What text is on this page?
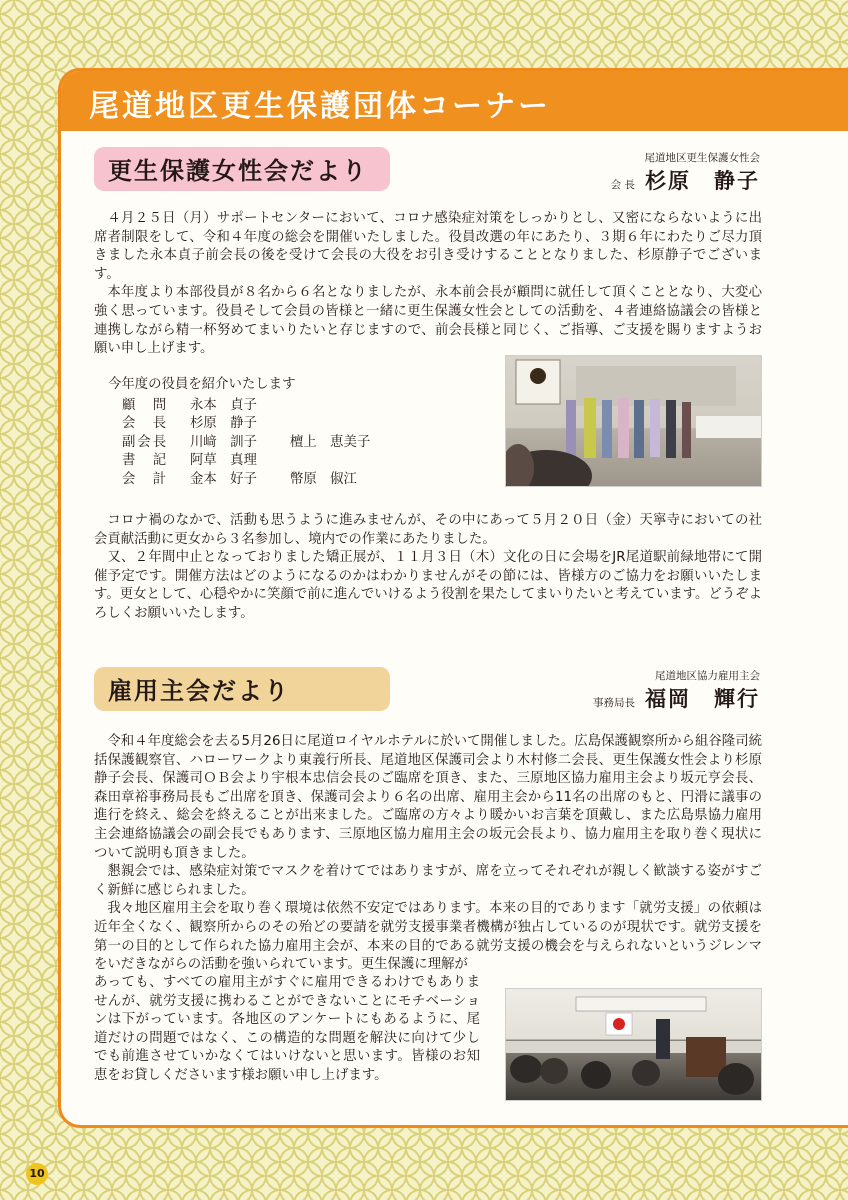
尾道地区更生保護団体コーナー
更生保護女性会だより	尾道地区更生保護女性会
会 長 杉原　静子

４月２５日（月）サポートセンターにおいて、コロナ感染症対策をしっかりとし、又密にならないように出席者制限をして、令和４年度の総会を開催いたしました。役員改選の年にあたり、３期６年にわたりご尽力頂きました永本貞子前会長の後を受けて会長の大役をお引き受けすることとなりました、杉原静子でございます。

本年度より本部役員が８名から６名となりましたが、永本前会長が顧問に就任して頂くこととなり、大変心強く思っています。役員そして会員の皆様と一緒に更生保護女性会としての活動を、４者連絡協議会の皆様と連携しながら精一杯努めてまいりたいと存じますので、前会長様と同じく、ご指導、ご支援を賜りますようお願い申し上げます。

今年度の役員を紹介いたします

顧　問	永本　貞子
会　長	杉原　静子
副会長	川﨑　訓子	檀上　恵美子
書　記	阿草　真理
会　計	金本　好子	幣原　俶江

コロナ禍のなかで、活動も思うように進みませんが、その中にあって５月２０日（金）天寧寺においての社会貢献活動に更女から３名参加し、境内での作業にあたりました。

又、２年間中止となっておりました矯正展が、１１月３日（木）文化の日に会場をJR尾道駅前緑地帯にて開催予定です。開催方法はどのようになるのかはわかりませんがその節には、皆様方のご協力をお願いいたします。更女として、心穏やかに笑顔で前に進んでいけるよう役割を果たしてまいりたいと考えています。どうぞよろしくお願いいたします。

雇用主会だより
尾道地区協力雇用主会
事務局長 福岡　輝行

令和４年度総会を去る5月26日に尾道ロイヤルホテルに於いて開催しました。広島保護観察所から組谷隆司統括保護観察官、ハローワークより東義行所長、尾道地区保護司会より木村修二会長、更生保護女性会より杉原静子会長、保護司ＯＢ会より宇根本忠信会長のご臨席を頂き、また、三原地区協力雇用主会より坂元亨会長、森田章裕事務局長もご出席を頂き、保護司会より６名の出席、雇用主会から11名の出席のもと、円滑に議事の進行を終え、総会を終えることが出来ました。ご臨席の方々より暖かいお言葉を頂戴し、また広島県協力雇用主会連絡協議会の副会長でもあります、三原地区協力雇用主会の坂元会長より、協力雇用主を取り巻く現状について説明も頂きました。

懇親会では、感染症対策でマスクを着けてではありますが、席を立ってそれぞれが親しく歓談する姿がすごく新鮮に感じられました。

我々地区雇用主会を取り巻く環境は依然不安定ではあります。本来の目的であります「就労支援」の依頼は近年全くなく、観察所からのその殆どの要請を就労支援事業者機構が独占しているのが現状です。就労支援を第一の目的として作られた協力雇用主会が、本来の目的である就労支援の機会を与えられないというジレンマをいだきながらの活動を強いられています。更生保護に理解が

あっても、すべての雇用主がすぐに雇用できるわけでもありませんが、就労支援に携わることができないことにモチベーションは下がっています。各地区のアンケートにもあるように、尾道だけの問題ではなく、この構造的な問題を解決に向けて少しでも前進させていかなくてはいけないと思います。皆様のお知恵をお貸しくださいます様お願い申し上げます。

10
